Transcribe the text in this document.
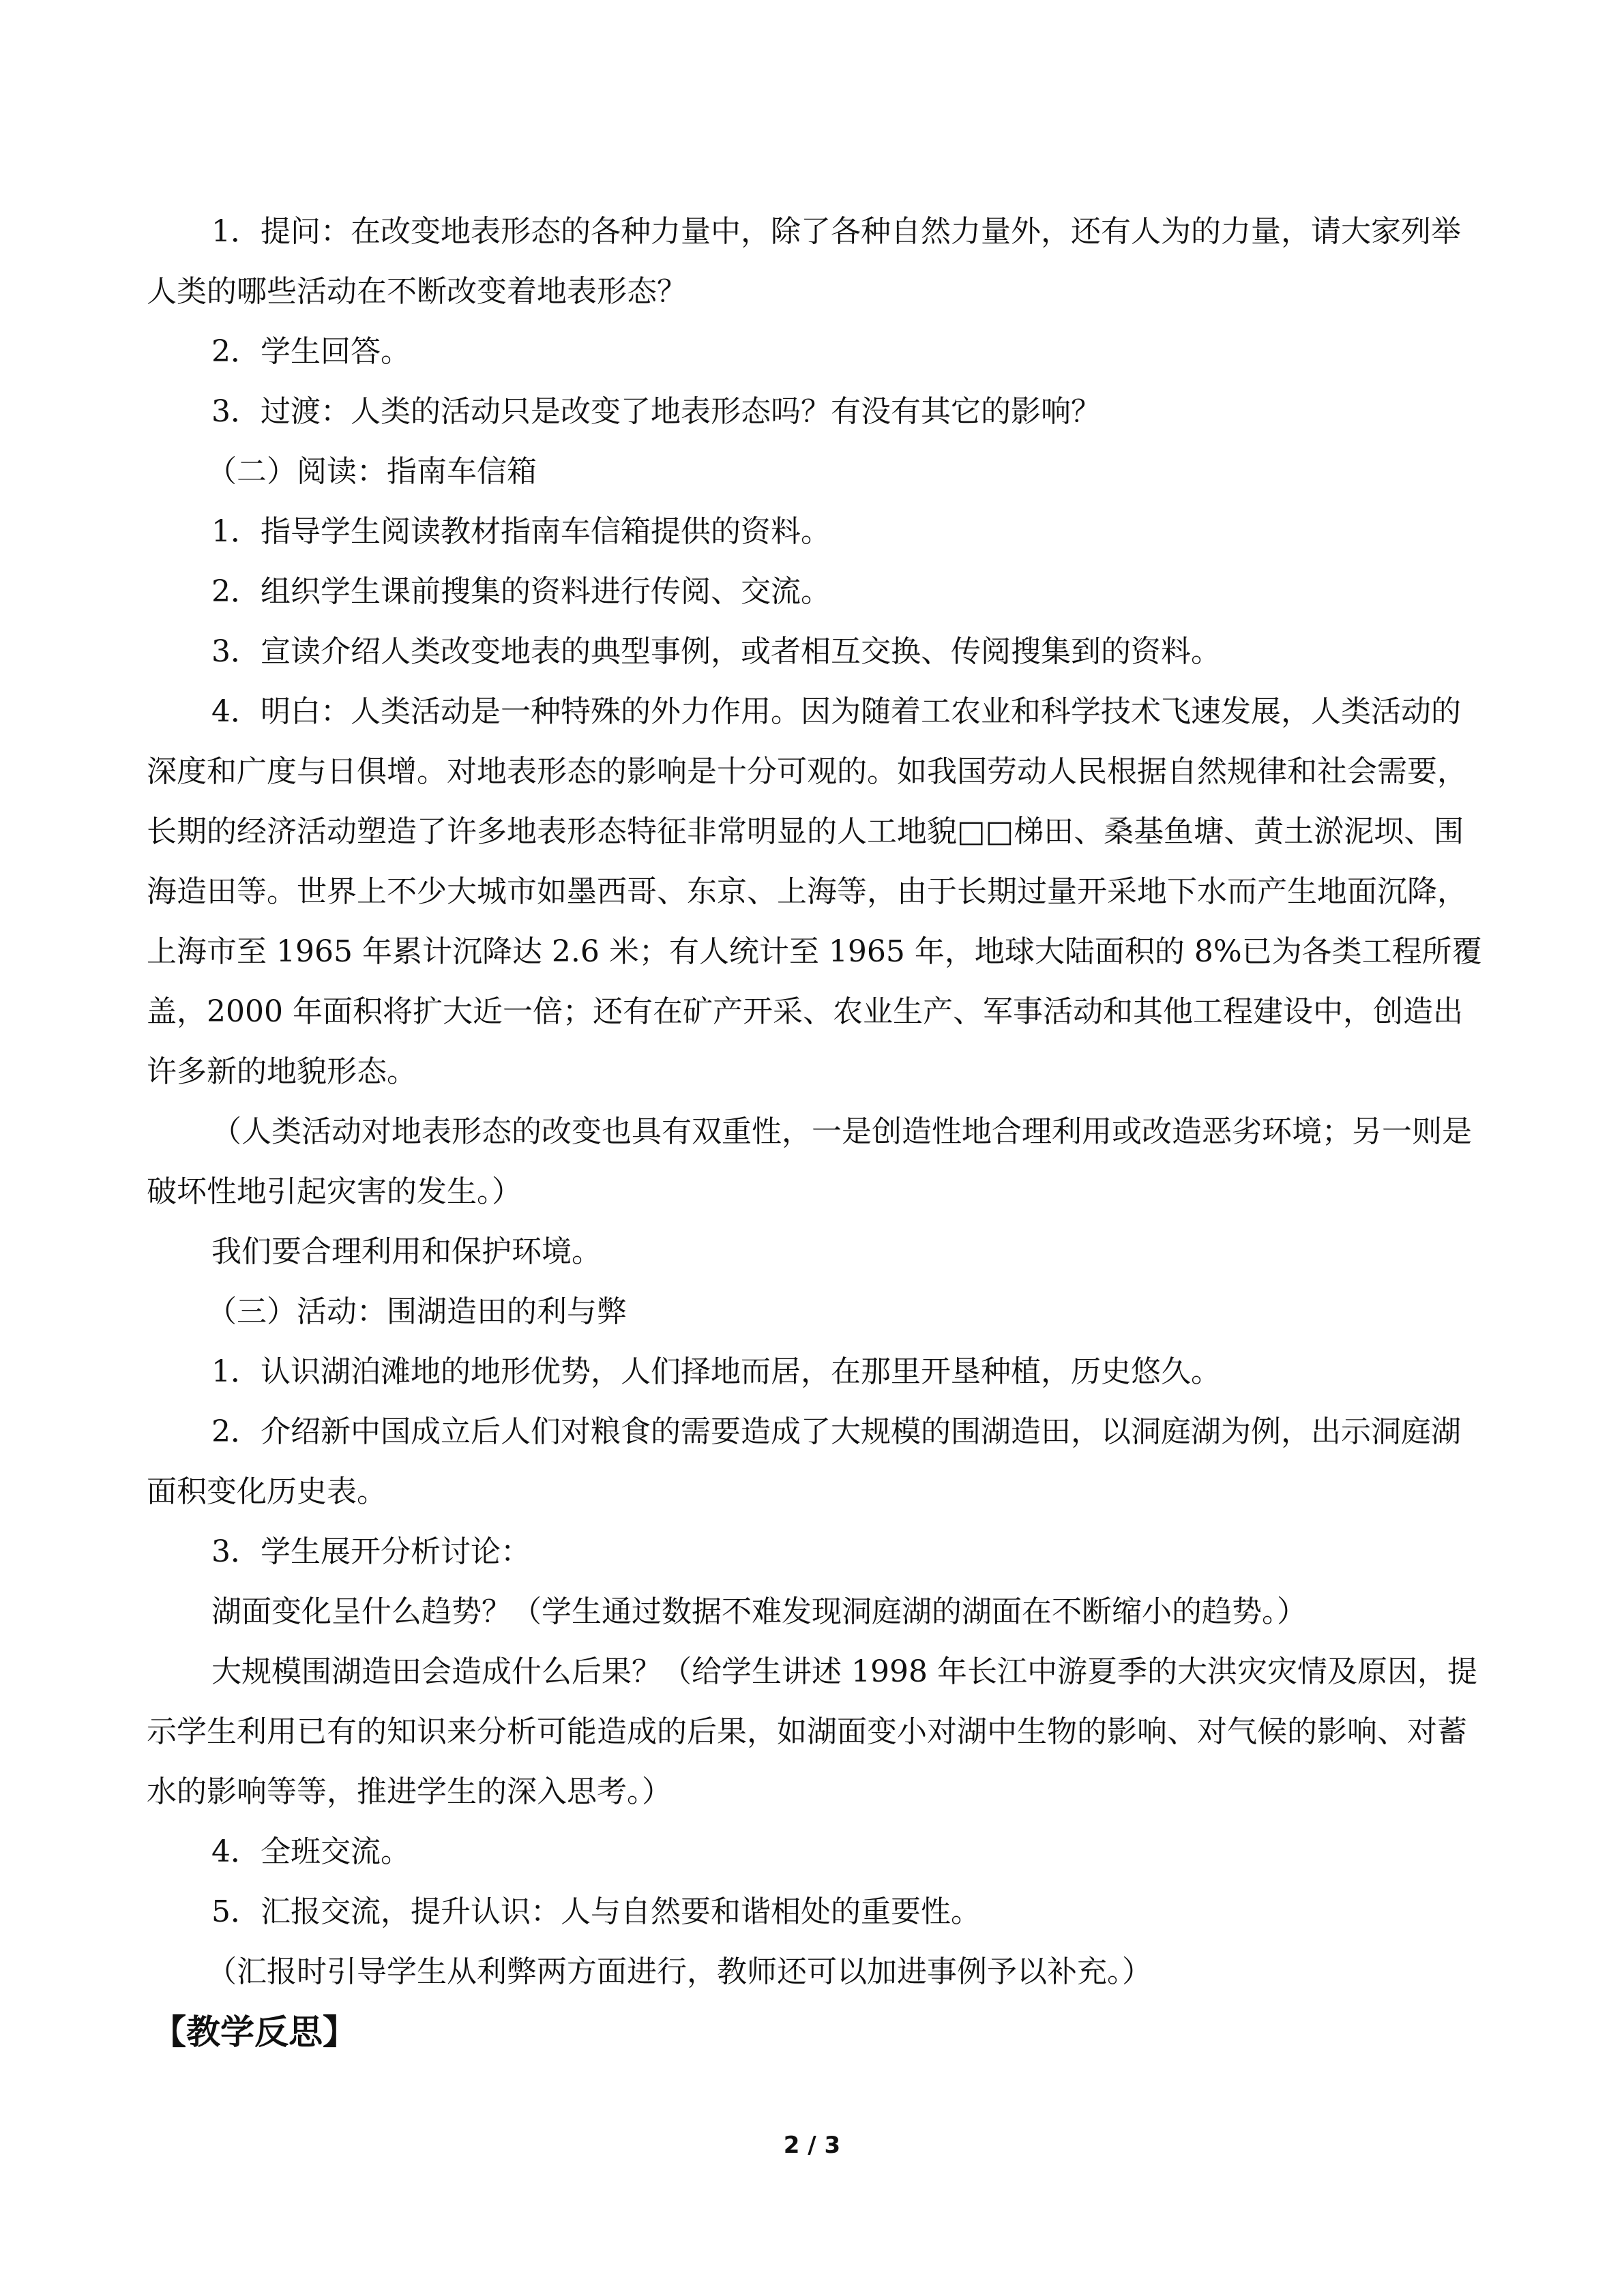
1．提问：在改变地表形态的各种力量中，除了各种自然力量外，还有人为的力量，请大家列举人类的哪些活动在不断改变着地表形态？

2．学生回答。

3．过渡：人类的活动只是改变了地表形态吗？有没有其它的影响？

（二）阅读：指南车信箱

1．指导学生阅读教材指南车信箱提供的资料。

2．组织学生课前搜集的资料进行传阅、交流。

3．宣读介绍人类改变地表的典型事例，或者相互交换、传阅搜集到的资料。

4．明白：人类活动是一种特殊的外力作用。因为随着工农业和科学技术飞速发展，人类活动的深度和广度与日俱增。对地表形态的影响是十分可观的。如我国劳动人民根据自然规律和社会需要，长期的经济活动塑造了许多地表形态特征非常明显的人工地貌□□梯田、桑基鱼塘、黄土淤泥坝、围海造田等。世界上不少大城市如墨西哥、东京、上海等，由于长期过量开采地下水而产生地面沉降，上海市至 1965 年累计沉降达 2.6 米；有人统计至 1965 年，地球大陆面积的 8%已为各类工程所覆盖，2000 年面积将扩大近一倍；还有在矿产开采、农业生产、军事活动和其他工程建设中，创造出许多新的地貌形态。

（人类活动对地表形态的改变也具有双重性，一是创造性地合理利用或改造恶劣环境；另一则是破坏性地引起灾害的发生。）

我们要合理利用和保护环境。

（三）活动：围湖造田的利与弊

1．认识湖泊滩地的地形优势，人们择地而居，在那里开垦种植，历史悠久。

2．介绍新中国成立后人们对粮食的需要造成了大规模的围湖造田，以洞庭湖为例，出示洞庭湖面积变化历史表。

3．学生展开分析讨论：

湖面变化呈什么趋势？（学生通过数据不难发现洞庭湖的湖面在不断缩小的趋势。）

大规模围湖造田会造成什么后果？（给学生讲述 1998 年长江中游夏季的大洪灾灾情及原因，提示学生利用已有的知识来分析可能造成的后果，如湖面变小对湖中生物的影响、对气候的影响、对蓄水的影响等等，推进学生的深入思考。）

4．全班交流。

5．汇报交流，提升认识：人与自然要和谐相处的重要性。

（汇报时引导学生从利弊两方面进行，教师还可以加进事例予以补充。）

【教学反思】

2 / 3
